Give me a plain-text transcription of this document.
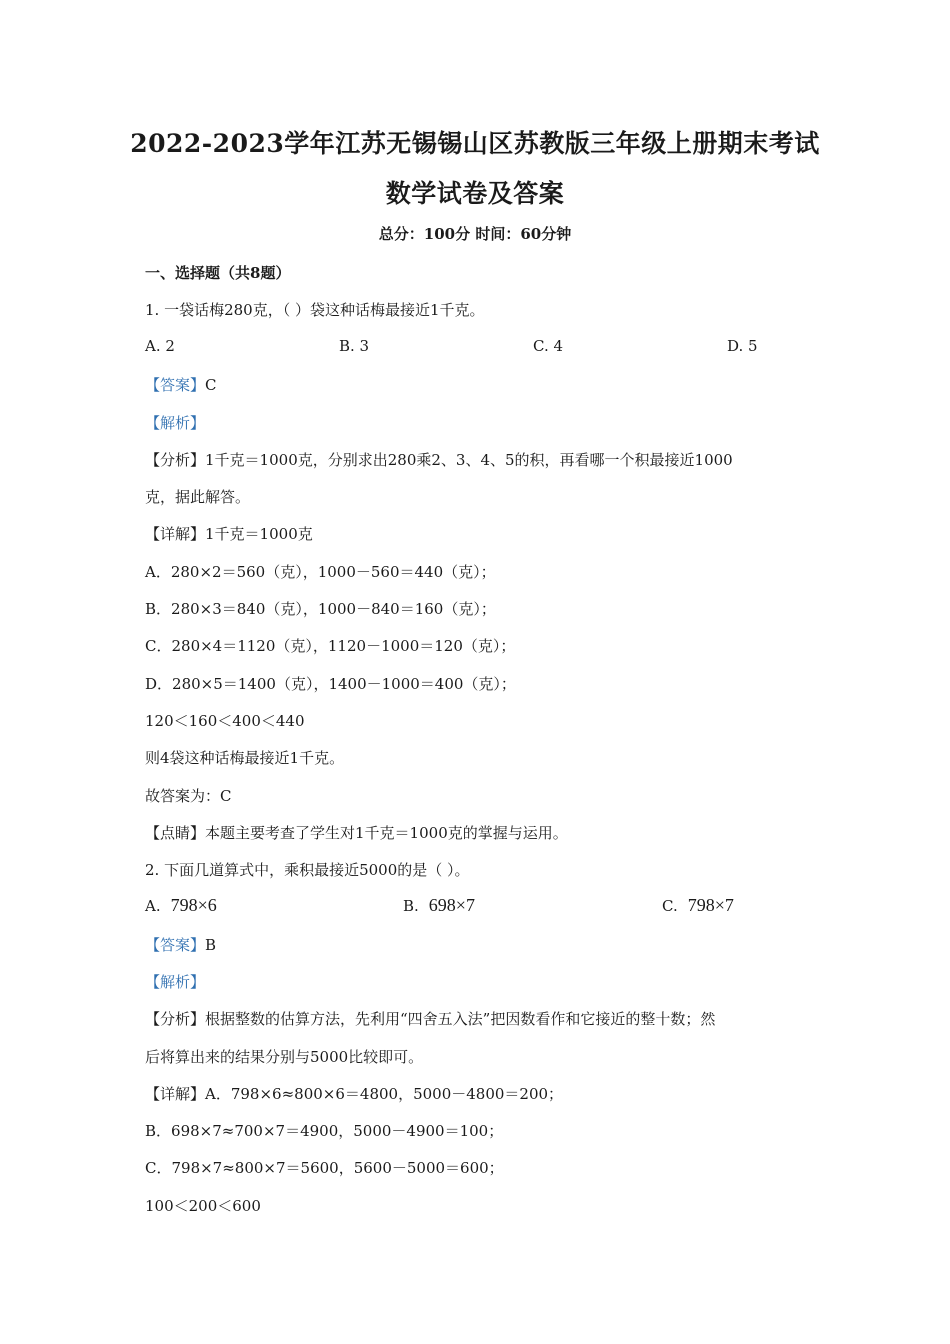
2022-2023学年江苏无锡锡山区苏教版三年级上册期末考试
数学试卷及答案
总分：100分 时间：60分钟
一、选择题（共8题）
1. 一袋话梅280克，（ ）袋这种话梅最接近1千克。
A. 2	B. 3	C. 4	D. 5
【答案】C
【解析】
【分析】1千克＝1000克，分别求出280乘2、3、4、5的积，再看哪一个积最接近1000
克，据此解答。
【详解】1千克＝1000克
A．280×2＝560（克），1000－560＝440（克）；
B．280×3＝840（克），1000－840＝160（克）；
C．280×4＝1120（克），1120－1000＝120（克）；
D．280×5＝1400（克），1400－1000＝400（克）；
120＜160＜400＜440
则4袋这种话梅最接近1千克。
故答案为：C
【点睛】本题主要考查了学生对1千克＝1000克的掌握与运用。
2. 下面几道算式中，乘积最接近5000的是（ ）。
A. 798×6	B. 698×7	C. 798×7
【答案】B
【解析】
【分析】根据整数的估算方法，先利用“四舍五入法”把因数看作和它接近的整十数；然
后将算出来的结果分别与5000比较即可。
【详解】A．798×6≈800×6＝4800，5000－4800＝200；
B．698×7≈700×7＝4900，5000－4900＝100；
C．798×7≈800×7＝5600，5600－5000＝600；
100＜200＜600
